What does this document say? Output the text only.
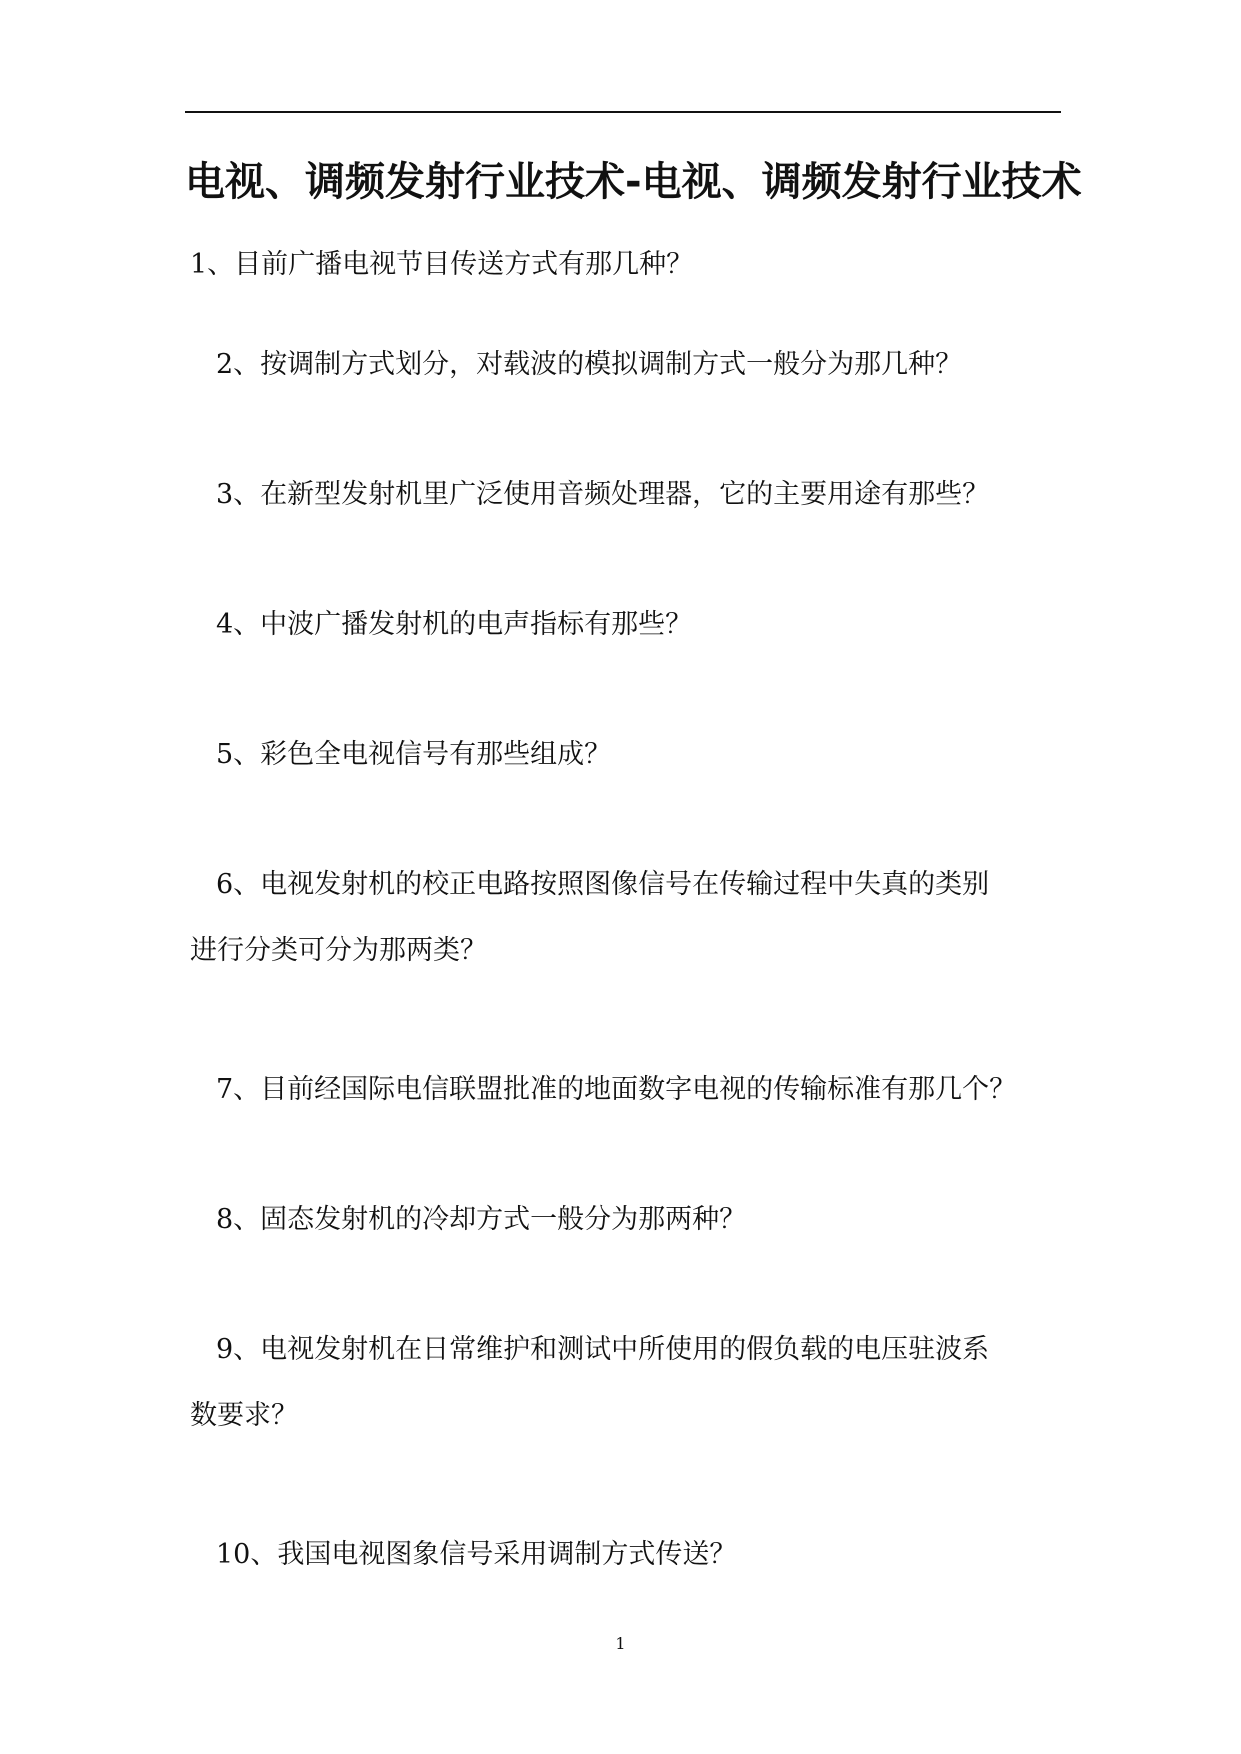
电视、调频发射行业技术-电视、调频发射行业技术
1、目前广播电视节目传送方式有那几种？
2、按调制方式划分，对载波的模拟调制方式一般分为那几种？
3、在新型发射机里广泛使用音频处理器，它的主要用途有那些？
4、中波广播发射机的电声指标有那些？
5、彩色全电视信号有那些组成？
6、电视发射机的校正电路按照图像信号在传输过程中失真的类别
进行分类可分为那两类？
7、目前经国际电信联盟批准的地面数字电视的传输标准有那几个？
8、固态发射机的冷却方式一般分为那两种？
9、电视发射机在日常维护和测试中所使用的假负载的电压驻波系
数要求？
10、我国电视图象信号采用调制方式传送？
1
